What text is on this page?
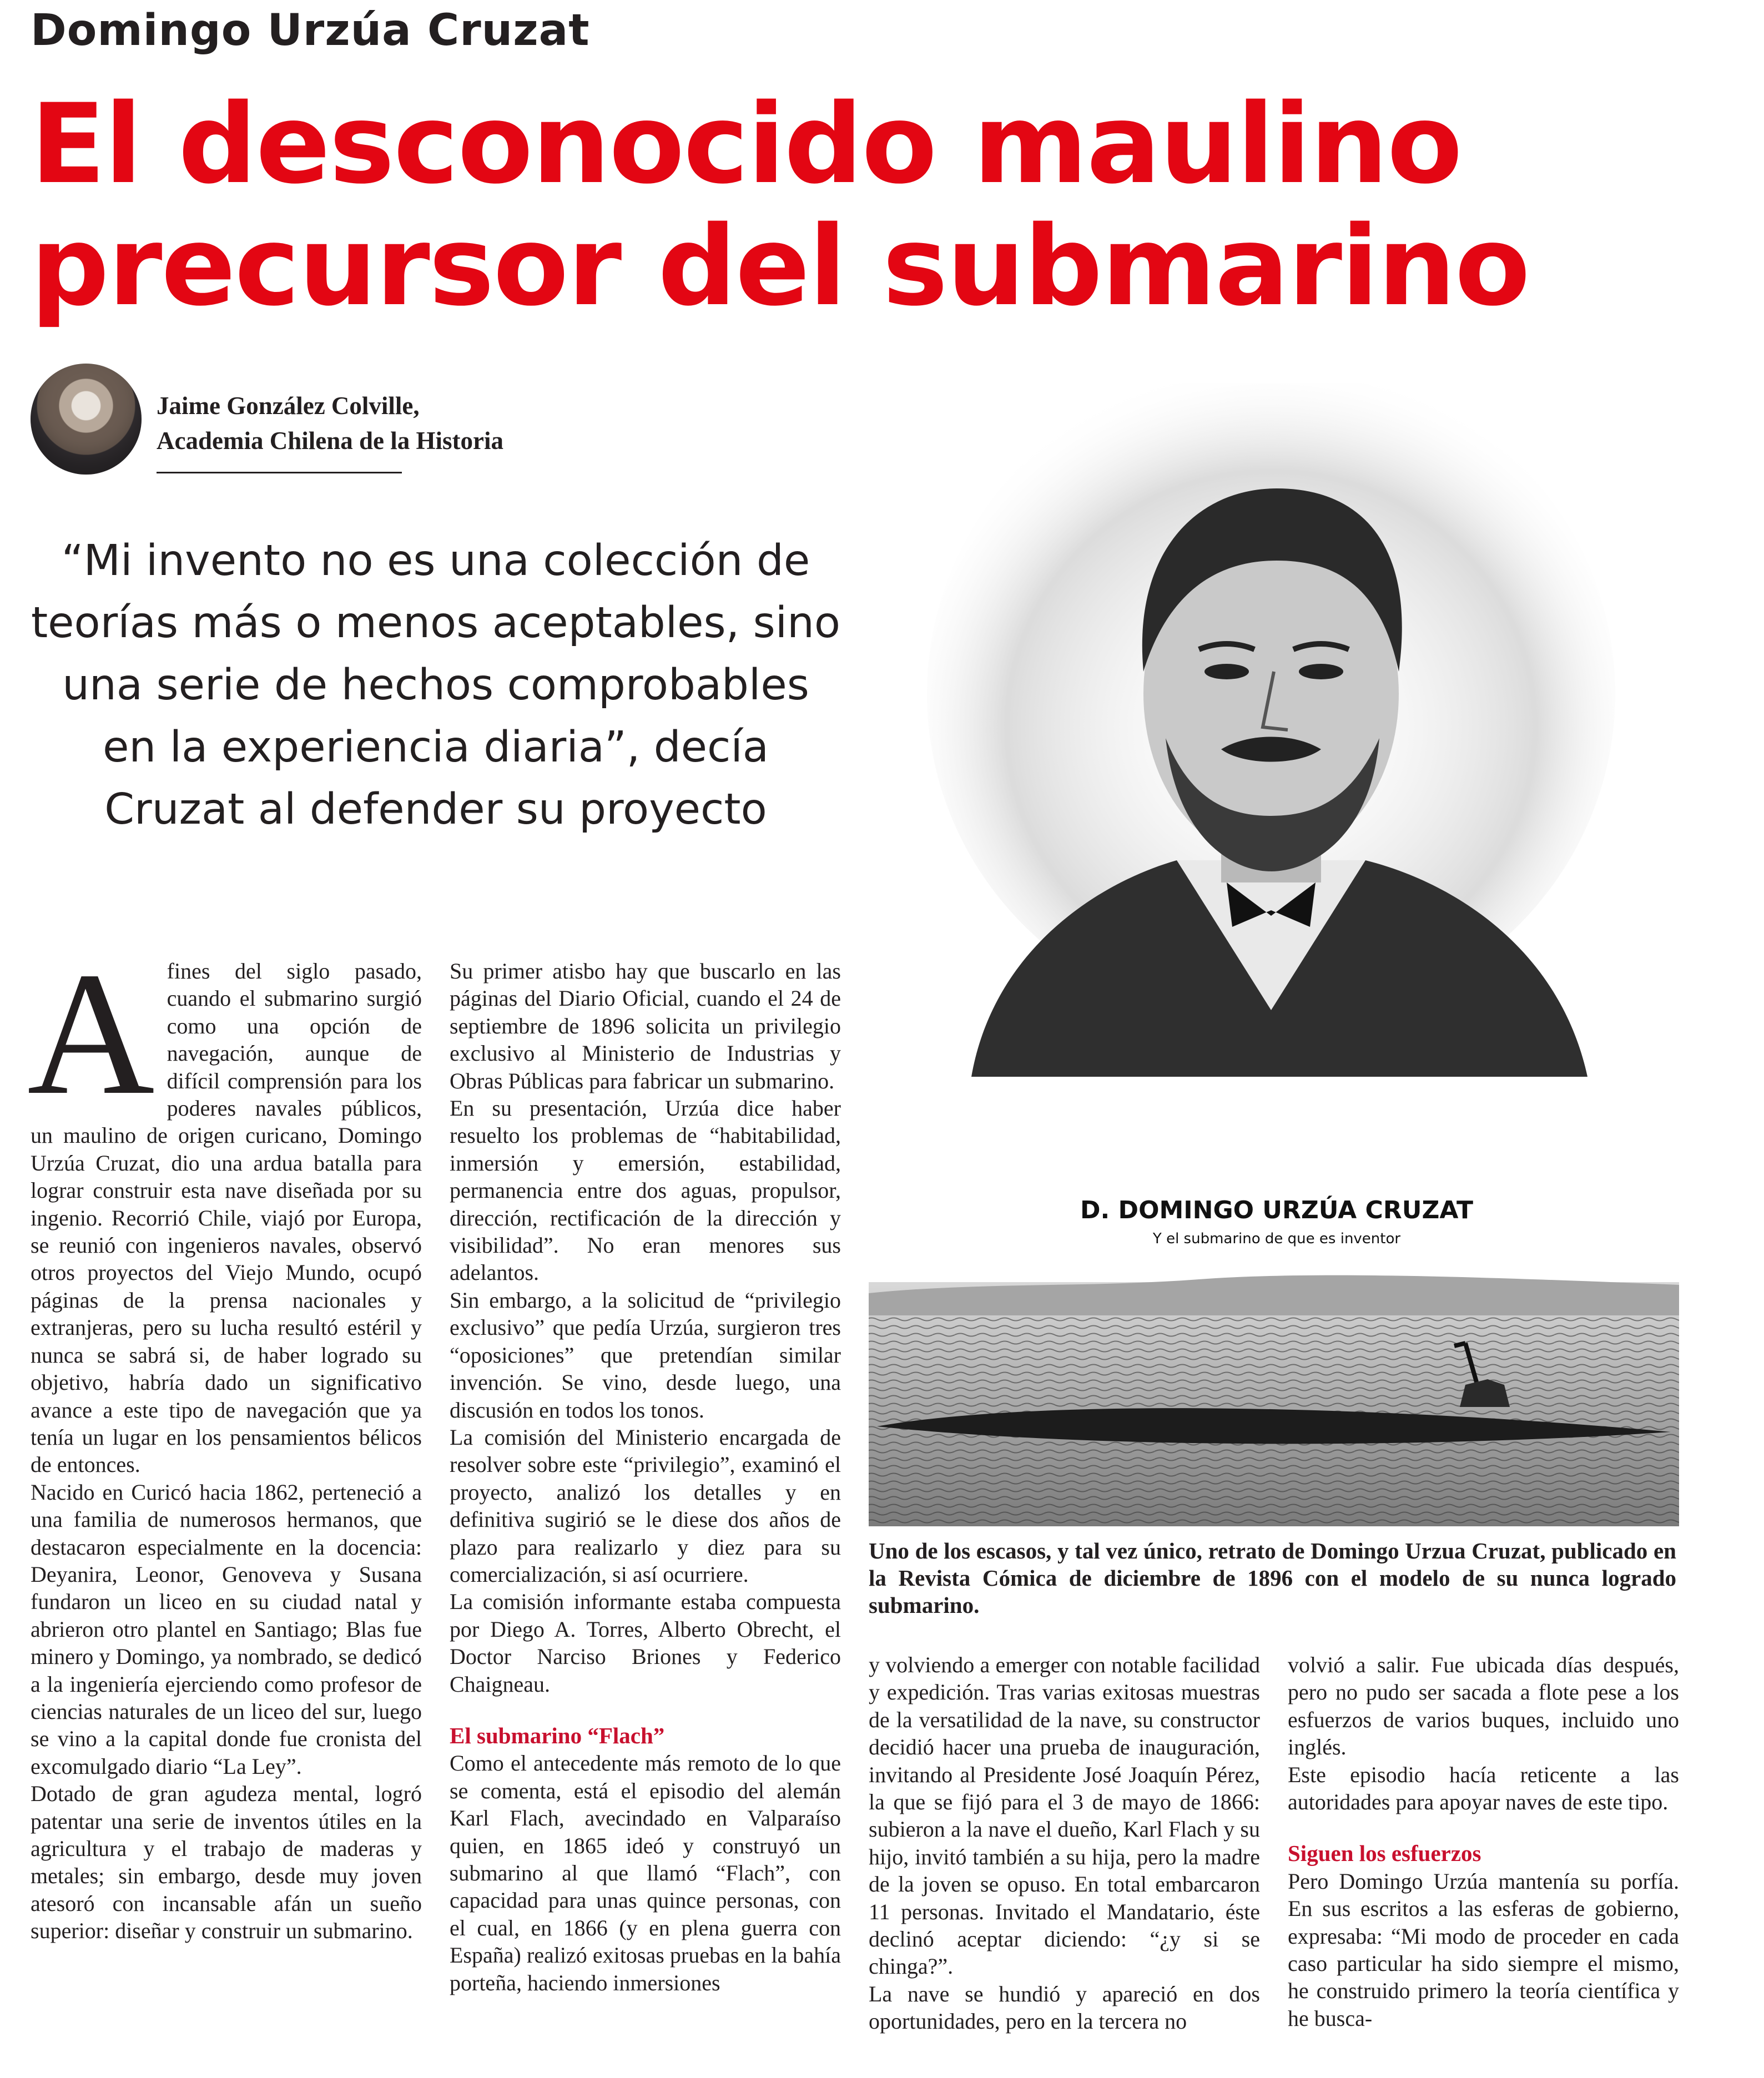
Domingo Urzúa Cruzat
El desconocido maulino precursor del submarino
Jaime González Colville,
Academia Chilena de la Historia
“Mi invento no es una colección de teorías más o menos aceptables, sino una serie de hechos comprobables en la experiencia diaria”, decía Cruzat al defender su proyecto
D. DOMINGO URZÚA CRUZAT
Y el submarino de que es inventor
Uno de los escasos, y tal vez único, retrato de Domingo Urzua Cruzat, publicado en la Revista Cómica de diciembre de 1896 con el modelo de su nunca logrado submarino.
A fines del siglo pasado, cuando el submarino surgió como una opción de navegación, aunque de difícil comprensión para los poderes navales públicos, un maulino de origen curicano, Domingo Urzúa Cruzat, dio una ardua batalla para lograr construir esta nave diseñada por su ingenio. Recorrió Chile, viajó por Europa, se reunió con ingenieros navales, observó otros proyectos del Viejo Mundo, ocupó páginas de la prensa nacionales y extranjeras, pero su lucha resultó estéril y nunca se sabrá si, de haber logrado su objetivo, habría dado un significativo avance a este tipo de navegación que ya tenía un lugar en los pensamientos bélicos de entonces.

Nacido en Curicó hacia 1862, perteneció a una familia de numerosos hermanos, que destacaron especialmente en la docencia: Deyanira, Leonor, Genoveva y Susana fundaron un liceo en su ciudad natal y abrieron otro plantel en Santiago; Blas fue minero y Domingo, ya nombrado, se dedicó a la ingeniería ejerciendo como profesor de ciencias naturales de un liceo del sur, luego se vino a la capital donde fue cronista del excomulgado diario “La Ley”.

Dotado de gran agudeza mental, logró patentar una serie de inventos útiles en la agricultura y el trabajo de maderas y metales; sin embargo, desde muy joven atesoró con incansable afán un sueño superior: diseñar y construir un submarino.

Su primer atisbo hay que buscarlo en las páginas del Diario Oficial, cuando el 24 de septiembre de 1896 solicita un privilegio exclusivo al Ministerio de Industrias y Obras Públicas para fabricar un submarino.

En su presentación, Urzúa dice haber resuelto los problemas de “habitabilidad, inmersión y emersión, estabilidad, permanencia entre dos aguas, propulsor, dirección, rectificación de la dirección y visibilidad”. No eran menores sus adelantos.

Sin embargo, a la solicitud de “privilegio exclusivo” que pedía Urzúa, surgieron tres “oposiciones” que pretendían similar invención. Se vino, desde luego, una discusión en todos los tonos.

La comisión del Ministerio encargada de resolver sobre este “privilegio”, examinó el proyecto, analizó los detalles y en definitiva sugirió se le diese dos años de plazo para realizarlo y diez para su comercialización, si así ocurriere.

La comisión informante estaba compuesta por Diego A. Torres, Alberto Obrecht, el Doctor Narciso Briones y Federico Chaigneau.

El submarino “Flach”

Como el antecedente más remoto de lo que se comenta, está el episodio del alemán Karl Flach, avecindado en Valparaíso quien, en 1865 ideó y construyó un submarino al que llamó “Flach”, con capacidad para unas quince personas, con el cual, en 1866 (y en plena guerra con España) realizó exitosas pruebas en la bahía porteña, haciendo inmersiones

y volviendo a emerger con notable facilidad y expedición. Tras varias exitosas muestras de la versatilidad de la nave, su constructor decidió hacer una prueba de inauguración, invitando al Presidente José Joaquín Pérez, la que se fijó para el 3 de mayo de 1866: subieron a la nave el dueño, Karl Flach y su hijo, invitó también a su hija, pero la madre de la joven se opuso. En total embarcaron 11 personas. Invitado el Mandatario, éste declinó aceptar diciendo: “¿y si se chinga?”.

La nave se hundió y apareció en dos oportunidades, pero en la tercera no

volvió a salir. Fue ubicada días después, pero no pudo ser sacada a flote pese a los esfuerzos de varios buques, incluido uno inglés.

Este episodio hacía reticente a las autoridades para apoyar naves de este tipo.

Siguen los esfuerzos

Pero Domingo Urzúa mantenía su porfía. En sus escritos a las esferas de gobierno, expresaba: “Mi modo de proceder en cada caso particular ha sido siempre el mismo, he construido primero la teoría científica y he busca-
